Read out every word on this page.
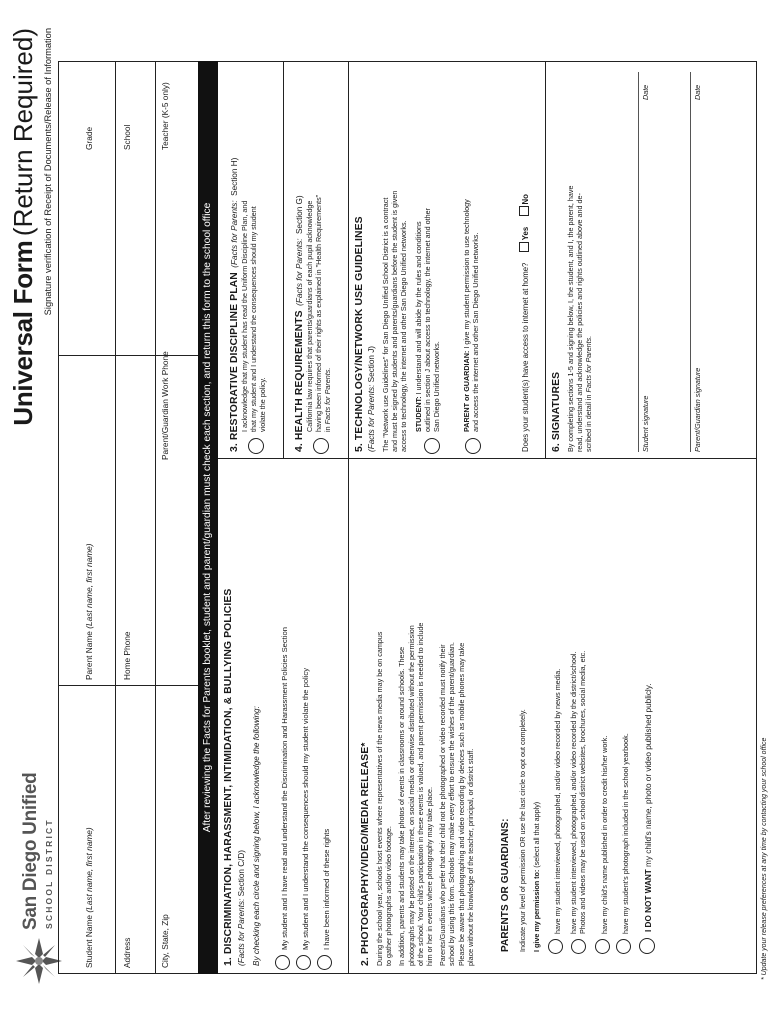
San Diego Unified SCHOOL DISTRICT
Universal Form (Return Required) Signature verification of Receipt of Documents/Release of Information
Student Name (Last name, first name)
Parent Name (Last name, first name)
Grade
Address
Home Phone
School
City, State, Zip
Parent/Guardian Work Phone
Teacher (K-5 only)
After reviewing the Facts for Parents booklet, student and parent/guardian must check each section, and return this form to the school office 1. DISCRIMINATION, HARASSMENT, INTIMIDATION, & BULLYING POLICIES (Facts for Parents: Section C/D) By checking each circle and signing below, I acknowledge the following:	My student and I have read and understand the Discrimination and Harassment Policies Section My student and I understand the consequences should my student violate the policy I have been informed of these rights	2. PHOTOGRAPHY/VIDEO/MEDIA RELEASE* During the school year, schools host events where representatives of the news media may be on campus to gather photographs and/or video footage. In addition, parents and students may take photos of events in classrooms or around schools. These photographs may be posted on the internet, on social media or otherwise distributed without the permission of the school. Your child's participation in these events is valued, and parent permission is needed to include him or her in events where photography may take place. Parents/Guardians who prefer that their child not be photographed or video recorded must notify their school by using this form. Schools may make every effort to ensure the wishes of the parent/guardian. Please be aware that photographing and video recording by devices such as mobile phones may take place without the knowledge of the teacher, principal, or district staff.	PARENTS OR GUARDIANS: Indicate your level of permission OR use the last circle to opt out completely. I give my permission to: (select all that apply) have my student interviewed, photographed, and/or video recorded by news media. have my student interviewed, photographed, and/or video recorded by the district/school. Photos and videos may be used on school district websites, brochures, social media, etc. have my child's name published in order to credit his/her work. have my student's photograph included in the school yearbook. I DO NOT WANT my child's name, photo or video published publicly.	* Update your release preferences at any time by contacting your school office
3. RESTORATIVE DISCIPLINE PLAN (Facts for Parents: Section H)
I acknowledge that my student has read the Uniform Discipline Plan, and that my student and I understand the consequences should my student violate the policy.	4. HEALTH REQUIREMENTS (Facts for Parents: Section G) California law requires that parents/guardians of each pupil acknowledge having been informed of their rights as explained in "Health Requirements" in Facts for Parents. 5. TECHNOLOGY/NETWORK USE GUIDELINES (Facts for Parents: Section J) The "Network use Guidelines" for San Diego Unified School District is a contract and must be signed by students and parents/guardians before the student is given access to technology, the internet and other San Diego Unified networks. STUDENT: I understand and will abide by the rules and conditions outlined in section J about access to technology, the internet and other San Diego Unified networks.	PARENT or GUARDIAN: I give my student permission to use technology and access the internet and other San Diego Unified networks.	Does your student(s) have access to internet at home?  Yes  No
6. SIGNATURES By completing sections 1-5 and signing below, I, the student, and I, the parent, have read, understand and acknowledge the policies and rights outlined above and de- scribed in detail in Facts for Parents.
Student signature
Date
Parent/Guardian signature
Date
